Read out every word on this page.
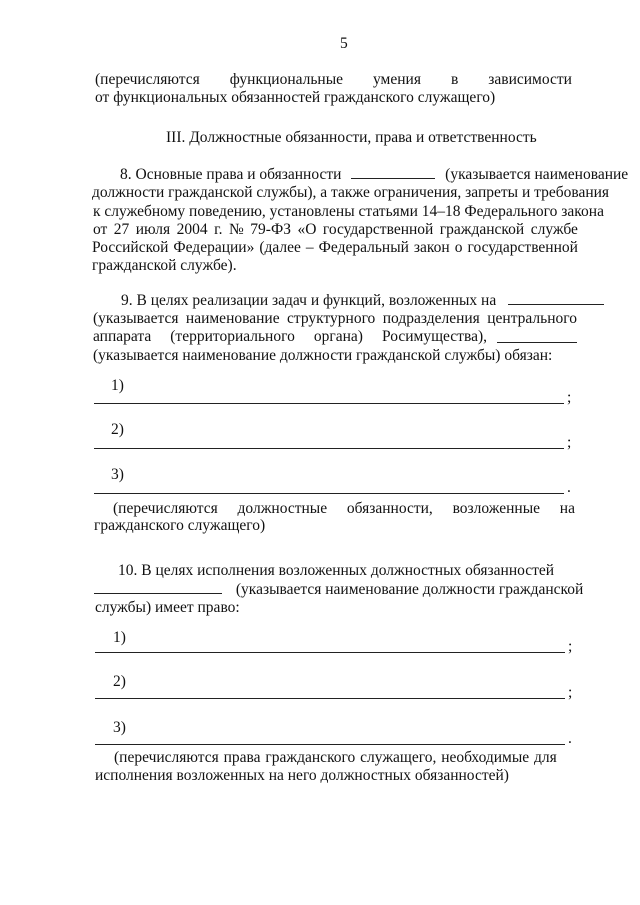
5
(перечисляются функциональные умения в зависимости
от функциональных обязанностей гражданского служащего)
III. Должностные обязанности, права и ответственность
8. Основные права и обязанности	(указывается наименование
должности гражданской службы), а также ограничения, запреты и требования
к служебному поведению, установлены статьями 14–18 Федерального закона
от 27 июля 2004 г. № 79-ФЗ «О государственной гражданской службе
Российской Федерации» (далее – Федеральный закон о государственной
гражданской службе).
9. В целях реализации задач и функций, возложенных на
(указывается наименование структурного подразделения центрального
аппарата (территориального органа) Росимущества),
(указывается наименование должности гражданской службы) обязан:
1)
;
2)
;
3)
.
(перечисляются должностные обязанности, возложенные на
гражданского служащего)
10. В целях исполнения возложенных должностных обязанностей
(указывается наименование должности гражданской
службы) имеет право:
1)
;
2)
;
3)
.
(перечисляются права гражданского служащего, необходимые для
исполнения возложенных на него должностных обязанностей)
